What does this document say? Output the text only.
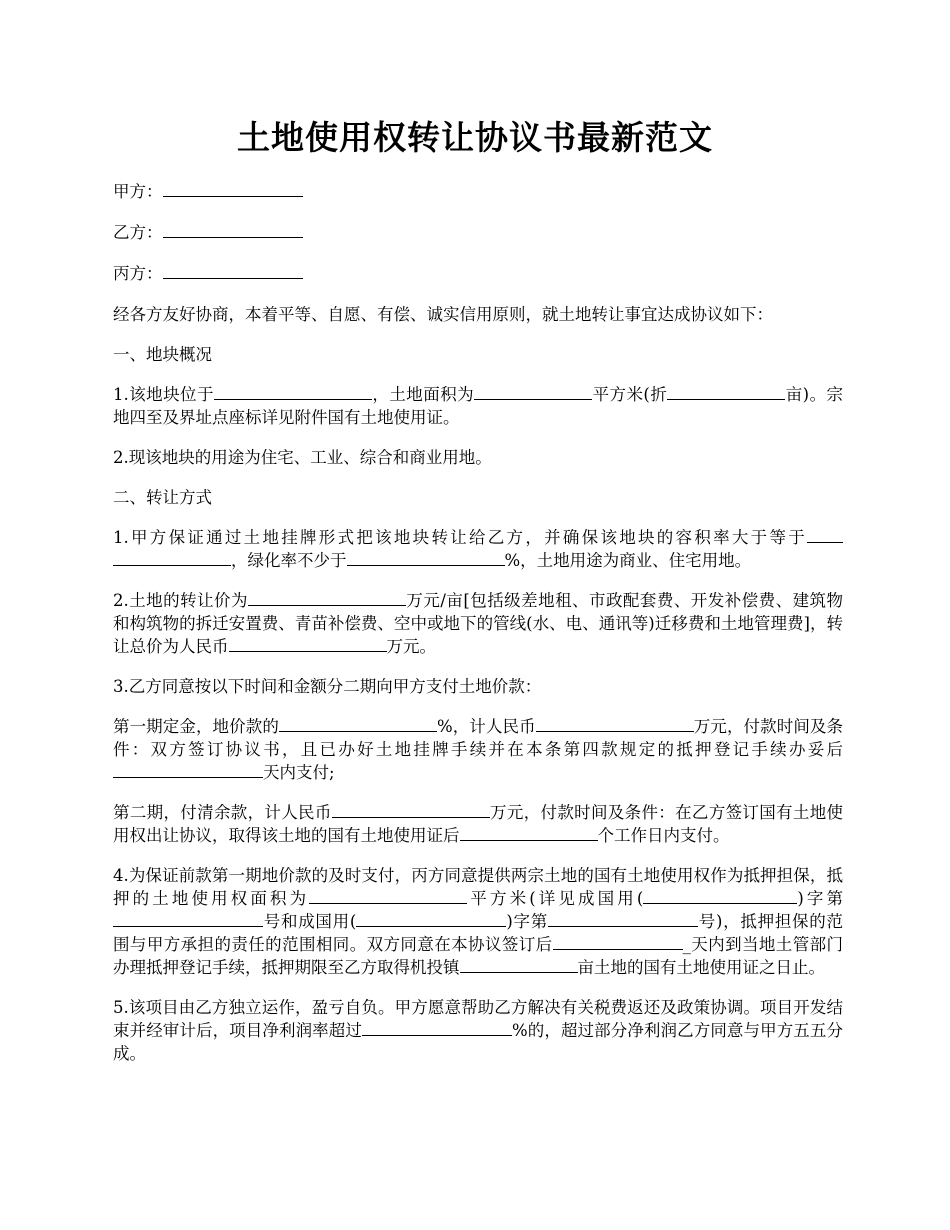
土地使用权转让协议书最新范文

甲方：

乙方：

丙方：

经各方友好协商，本着平等、自愿、有偿、诚实信用原则，就土地转让事宜达成协议如下：

一、地块概况

1.该地块位于	，土地面积为	平方米(折	亩)。宗地四至及界址点座标详见附件国有土地使用证。

2.现该地块的用途为住宅、工业、综合和商业用地。

二、转让方式

1.甲方保证通过土地挂牌形式把该地块转让给乙方，并确保该地块的容积率大于等于，绿化率不少于	%，土地用途为商业、住宅用地。

2.土地的转让价为	万元/亩[包括级差地租、市政配套费、开发补偿费、建筑物和构筑物的拆迁安置费、青苗补偿费、空中或地下的管线(水、电、通讯等)迁移费和土地管理费]，转让总价为人民币	万元。

3.乙方同意按以下时间和金额分二期向甲方支付土地价款：

第一期定金，地价款的	%，计人民币	万元，付款时间及条件：双方签订协议书，且已办好土地挂牌手续并在本条第四款规定的抵押登记手续办妥后天内支付;

第二期，付清余款，计人民币	万元，付款时间及条件：在乙方签订国有土地使用权出让协议，取得该土地的国有土地使用证后	个工作日内支付。

4.为保证前款第一期地价款的及时支付，丙方同意提供两宗土地的国有土地使用权作为抵押担保，抵押的土地使用权面积为	平方米(详见成国用(	)字第号和成国用(	)字第	号)，抵押担保的范围与甲方承担的责任的范围相同。双方同意在本协议签订后	_天内到当地土管部门办理抵押登记手续，抵押期限至乙方取得机投镇	亩土地的国有土地使用证之日止。

5.该项目由乙方独立运作，盈亏自负。甲方愿意帮助乙方解决有关税费返还及政策协调。项目开发结束并经审计后，项目净利润率超过	%的，超过部分净利润乙方同意与甲方五五分成。
